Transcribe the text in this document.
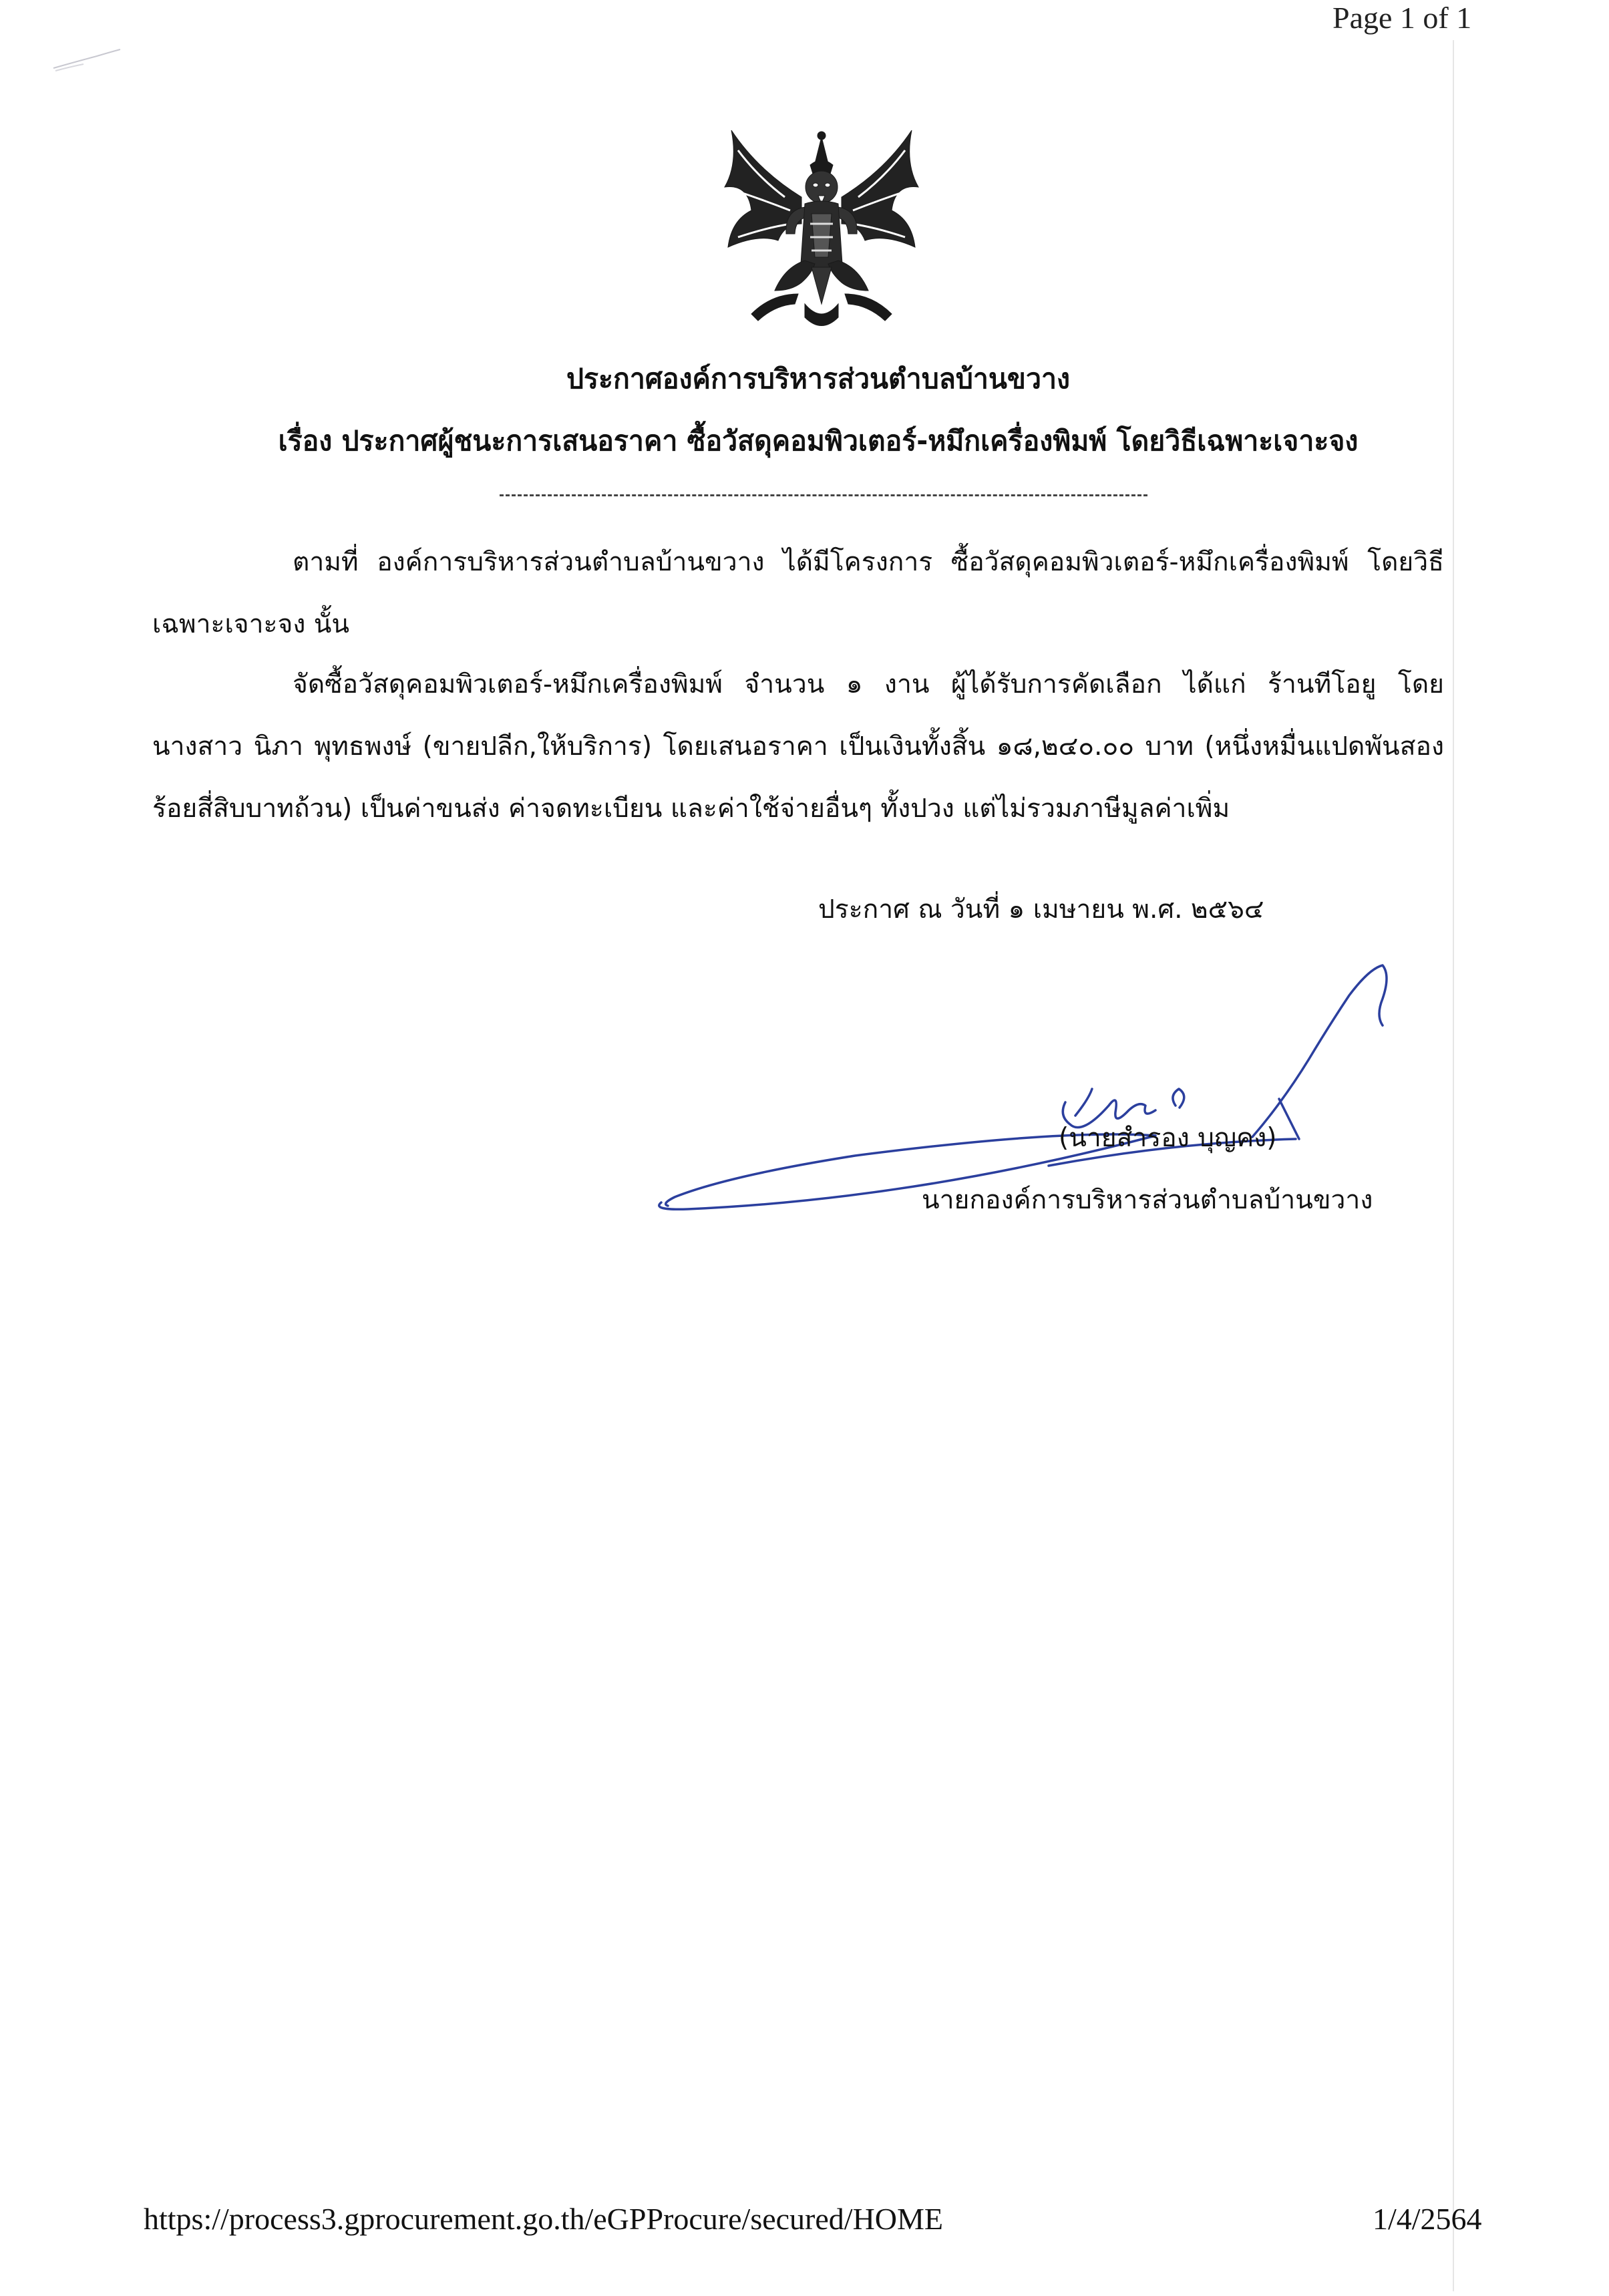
Page 1 of 1
ประกาศองค์การบริหารส่วนตำบลบ้านขวาง
เรื่อง ประกาศผู้ชนะการเสนอราคา ซื้อวัสดุคอมพิวเตอร์-หมึกเครื่องพิมพ์ โดยวิธีเฉพาะเจาะจง
ตามที่ องค์การบริหารส่วนตำบลบ้านขวาง ได้มีโครงการ ซื้อวัสดุคอมพิวเตอร์-หมึกเครื่องพิมพ์ โดยวิธีเฉพาะเจาะจง นั้น
จัดซื้อวัสดุคอมพิวเตอร์-หมึกเครื่องพิมพ์ จำนวน ๑ งาน ผู้ได้รับการคัดเลือก ได้แก่ ร้านทีโอยู โดย นางสาว นิภา พุทธพงษ์ (ขายปลีก,ให้บริการ) โดยเสนอราคา เป็นเงินทั้งสิ้น ๑๘,๒๔๐.๐๐ บาท (หนึ่งหมื่นแปดพันสองร้อยสี่สิบบาทถ้วน) เป็นค่าขนส่ง ค่าจดทะเบียน และค่าใช้จ่ายอื่นๆ ทั้งปวง แต่ไม่รวมภาษีมูลค่าเพิ่ม
ประกาศ ณ วันที่ ๑ เมษายน พ.ศ. ๒๕๖๔
(นายสำรอง บุญคง)
นายกองค์การบริหารส่วนตำบลบ้านขวาง
https://process3.gprocurement.go.th/eGPProcure/secured/HOME	1/4/2564
